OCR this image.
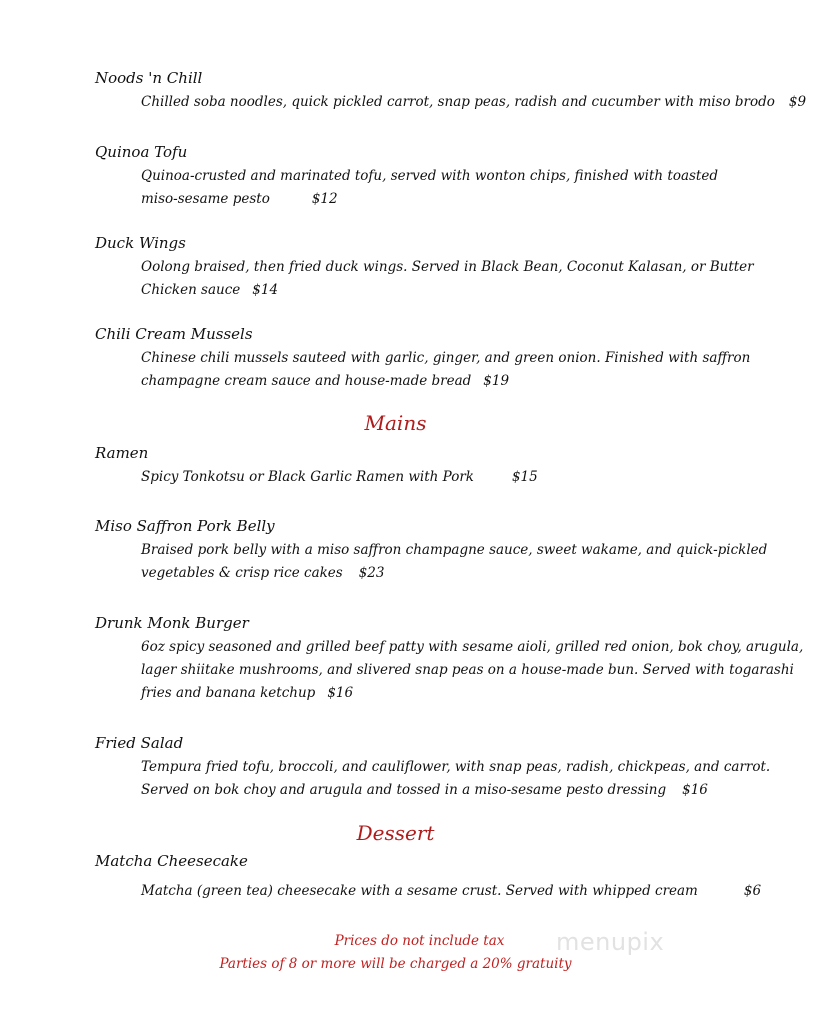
Noods 'n Chill
Chilled soba noodles, quick pickled carrot, snap peas, radish and cucumber with miso brodo $9
Quinoa Tofu
Quinoa-crusted and marinated tofu, served with wonton chips, finished with toasted
miso-sesame pesto	$12
Duck Wings
Oolong braised, then fried duck wings. Served in Black Bean, Coconut Kalasan, or Butter
Chicken sauce $14
Chili Cream Mussels
Chinese chili mussels sauteed with garlic, ginger, and green onion. Finished with saffron
champagne cream sauce and house-made bread $19
Mains
Ramen
Spicy Tonkotsu or Black Garlic Ramen with Pork	$15
Miso Saffron Pork Belly
Braised pork belly with a miso saffron champagne sauce, sweet wakame, and quick-pickled
vegetables & crisp rice cakes $23
Drunk Monk Burger
6oz spicy seasoned and grilled beef patty with sesame aioli, grilled red onion, bok choy, arugula,
lager shiitake mushrooms, and slivered snap peas on a house-made bun. Served with togarashi
fries and banana ketchup $16
Fried Salad
Tempura fried tofu, broccoli, and cauliflower, with snap peas, radish, chickpeas, and carrot.
Served on bok choy and arugula and tossed in a miso-sesame pesto dressing $16
Dessert
Matcha Cheesecake
Matcha (green tea) cheesecake with a sesame crust. Served with whipped cream	$6
Prices do not include tax
Parties of 8 or more will be charged a 20% gratuity
menupix
